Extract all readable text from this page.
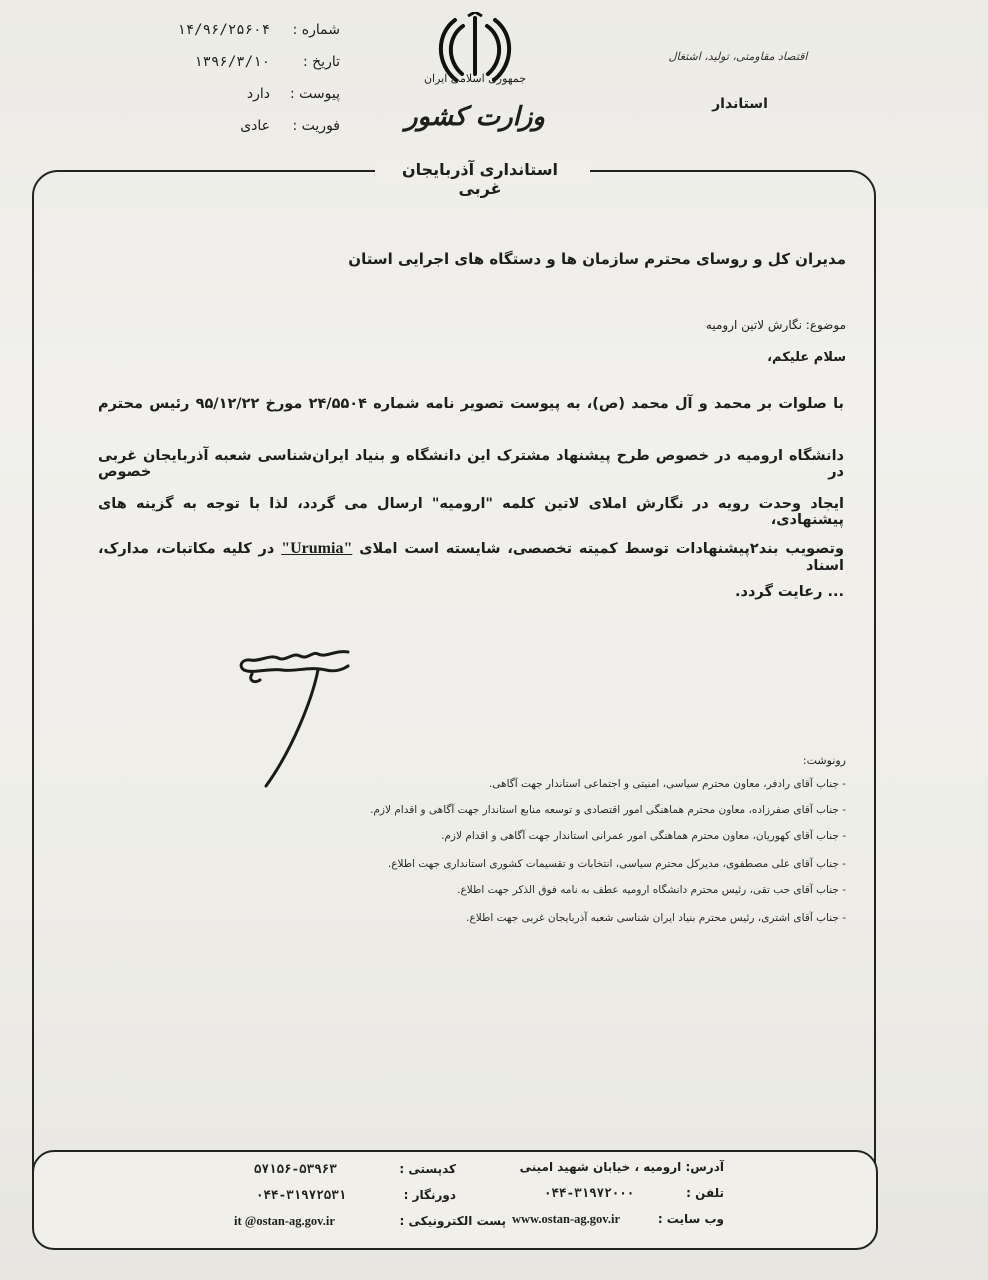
شماره :
۱۴/۹۶/۲۵۶۰۴
تاریخ :
۱۳۹۶/۳/۱۰
پیوست :
دارد
فوریت :
عادی
جمهوری اسلامی ایران
وزارت کشور
اقتصاد مقاومتی، تولید، اشتغال
استاندار
استانداری آذربایجان غربی
مدیران کل و روسای محترم سازمان ها و دستگاه های اجرایی استان
موضوع: نگارش لاتین ارومیه
سلام علیکم،
با صلوات بر محمد و آل محمد (ص)، به پیوست تصویر نامه شماره ۲۴/۵۵۰۴ مورخ ۹۵/۱۲/۲۲ رئیس محترم
دانشگاه ارومیه در خصوص طرح پیشنهاد مشترک این دانشگاه و بنیاد ایران‌شناسی شعبه آذربایجان غربی در خصوص
ایجاد وحدت رویه در نگارش املای لاتین کلمه "ارومیه" ارسال می گردد، لذا با توجه به گزینه های پیشنهادی،
وتصویب بند۲پیشنهادات توسط کمیته تخصصی، شایسته است املای "Urumia" در کلیه مکاتبات، مدارک، اسناد
... رعایت گردد.
رونوشت:
- جناب آقای رادفر، معاون محترم سیاسی، امنیتی و اجتماعی استاندار جهت آگاهی.
- جناب آقای صفرزاده، معاون محترم هماهنگی امور اقتصادی و توسعه منابع استاندار جهت آگاهی و اقدام لازم.
- جناب آقای کهوریان، معاون محترم هماهنگی امور عمرانی استاندار جهت آگاهی و اقدام لازم.
- جناب آقای علی مصطفوی، مدیرکل محترم سیاسی، انتخابات و تقسیمات کشوری استانداری جهت اطلاع.
- جناب آقای حب تقی، رئیس محترم دانشگاه ارومیه عطف به نامه فوق الذکر جهت اطلاع.
- جناب آقای اشتری، رئیس محترم بنیاد ایران شناسی شعبه آذربایجان غربی جهت اطلاع.
آدرس: ارومیه ، خیابان شهید امینی
تلفن :
۰۴۴-۳۱۹۷۲۰۰۰
وب سایت :
www.ostan-ag.gov.ir
کدپستی :
۵۷۱۵۶-۵۳۹۶۳
دورنگار :
۰۴۴-۳۱۹۷۲۵۳۱
پست الکترونیکی :
it @ostan-ag.gov.ir
